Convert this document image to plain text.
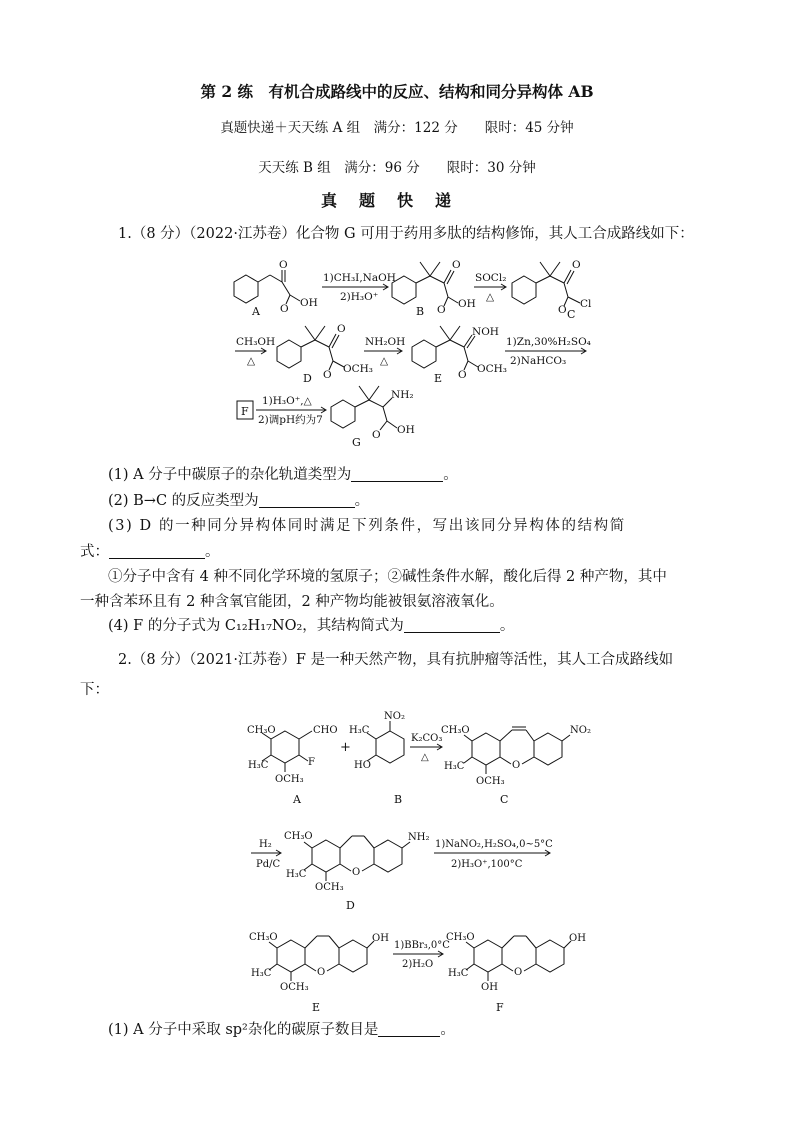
第 2 练　有机合成路线中的反应、结构和同分异构体 AB
真题快递＋天天练 A 组　满分：122 分　　限时：45 分钟
天天练 B 组　满分：96 分　　限时：30 分钟
真题快递
1.（8 分）（2022·江苏卷）化合物 G 可用于药用多肽的结构修饰，其人工合成路线如下：
O
OH
O
A
1)CH₃I,NaOH
2)H₃O⁺
O
OH
O
B
SOCl₂
△
O
Cl
O C
CH₃OH
△
O
OCH₃
O
D
NH₂OH
△
NOH
OCH₃
O
E
1)Zn,30%H₂SO₄
2)NaHCO₃
F
1)H₃O⁺,△
2)调pH约为7
NH₂
OH
O
G
CH₃O
H₃C
OCH₃
CHO
F
A
+
NO₂
H₃C
HO
B
K₂CO₃
△
O
NO₂
CH₃O
H₃C
OCH₃
C
H₂
Pd/C
O
NH₂
CH₃O
H₃C
OCH₃
D
1)NaNO₂,H₂SO₄,0~5°C
2)H₃O⁺,100°C
O
OH
CH₃O
H₃C
OCH₃
E
1)BBr₃,0°C
2)H₂O
O
OH
CH₃O
H₃C
OH
F
(1) A 分子中碳原子的杂化轨道类型为	。
(2) B→C 的反应类型为	。
(3) D 的一种同分异构体同时满足下列条件，写出该同分异构体的结构简
式：	。
①分子中含有 4 种不同化学环境的氢原子；②碱性条件水解，酸化后得 2 种产物，其中
一种含苯环且有 2 种含氧官能团，2 种产物均能被银氨溶液氧化。
(4) F 的分子式为 C₁₂H₁₇NO₂，其结构简式为	。
2.（8 分）（2021·江苏卷）F 是一种天然产物，具有抗肿瘤等活性，其人工合成路线如
下：
(1) A 分子中采取 sp²杂化的碳原子数目是	。
